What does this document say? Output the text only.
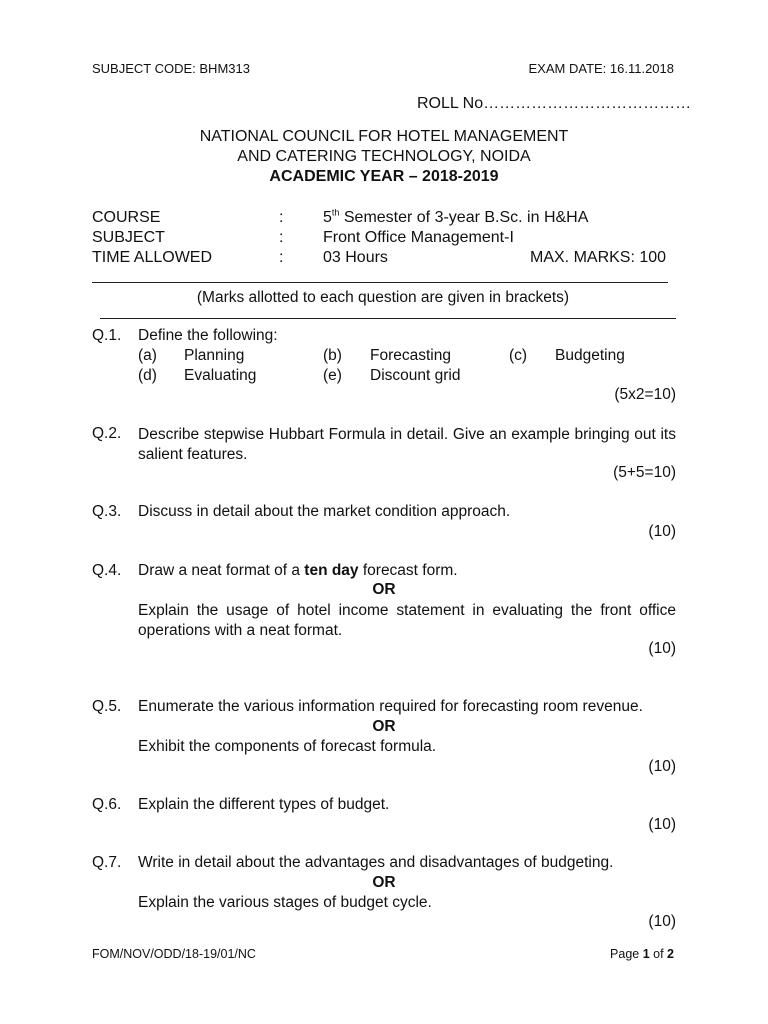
SUBJECT CODE: BHM313	EXAM DATE: 16.11.2018
ROLL No…………………………………
NATIONAL COUNCIL FOR HOTEL MANAGEMENT
AND CATERING TECHNOLOGY, NOIDA
ACADEMIC YEAR – 2018-2019
COURSE	: 5th Semester of 3-year B.Sc. in H&HA
SUBJECT	: Front Office Management-I
TIME ALLOWED	: 03 Hours	MAX. MARKS: 100
(Marks allotted to each question are given in brackets)
Q.1. Define the following:
(a) Planning	(b) Forecasting	(c) Budgeting
(d) Evaluating	(e) Discount grid
(5x2=10)
Q.2. Describe stepwise Hubbart Formula in detail. Give an example bringing out its salient features.
(5+5=10)
Q.3. Discuss in detail about the market condition approach.
(10)
Q.4. Draw a neat format of a ten day forecast form.
OR
Explain the usage of hotel income statement in evaluating the front office operations with a neat format.
(10)
Q.5. Enumerate the various information required for forecasting room revenue.
OR
Exhibit the components of forecast formula.
(10)
Q.6. Explain the different types of budget.
(10)
Q.7. Write in detail about the advantages and disadvantages of budgeting.
OR
Explain the various stages of budget cycle.
(10)
FOM/NOV/ODD/18-19/01/NC	Page 1 of 2
